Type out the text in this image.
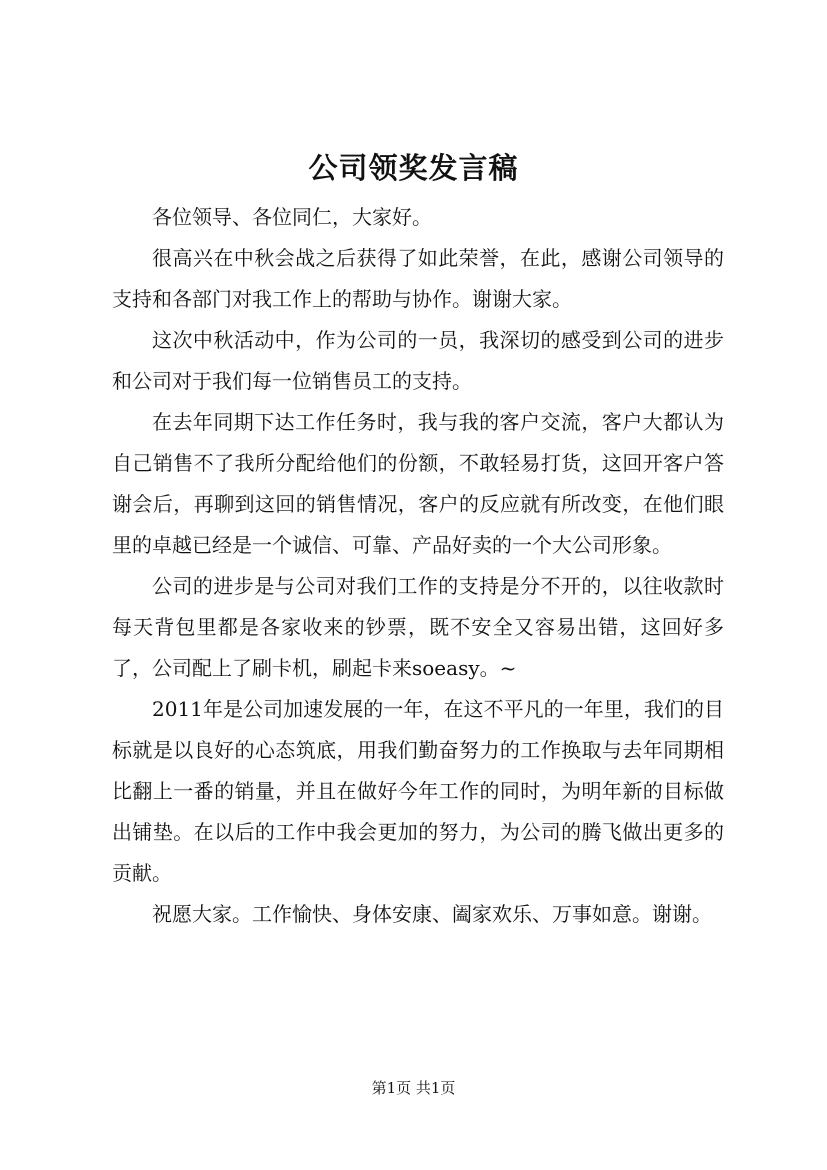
公司领奖发言稿

各位领导、各位同仁，大家好。

很高兴在中秋会战之后获得了如此荣誉，在此，感谢公司领导的支持和各部门对我工作上的帮助与协作。谢谢大家。

这次中秋活动中，作为公司的一员，我深切的感受到公司的进步和公司对于我们每一位销售员工的支持。

在去年同期下达工作任务时，我与我的客户交流，客户大都认为自己销售不了我所分配给他们的份额，不敢轻易打货，这回开客户答谢会后，再聊到这回的销售情况，客户的反应就有所改变，在他们眼里的卓越已经是一个诚信、可靠、产品好卖的一个大公司形象。

公司的进步是与公司对我们工作的支持是分不开的，以往收款时每天背包里都是各家收来的钞票，既不安全又容易出错，这回好多了，公司配上了刷卡机，刷起卡来soeasy。~

2011年是公司加速发展的一年，在这不平凡的一年里，我们的目标就是以良好的心态筑底，用我们勤奋努力的工作换取与去年同期相比翻上一番的销量，并且在做好今年工作的同时，为明年新的目标做出铺垫。在以后的工作中我会更加的努力，为公司的腾飞做出更多的贡献。

祝愿大家。工作愉快、身体安康、阖家欢乐、万事如意。谢谢。

第1页 共1页
